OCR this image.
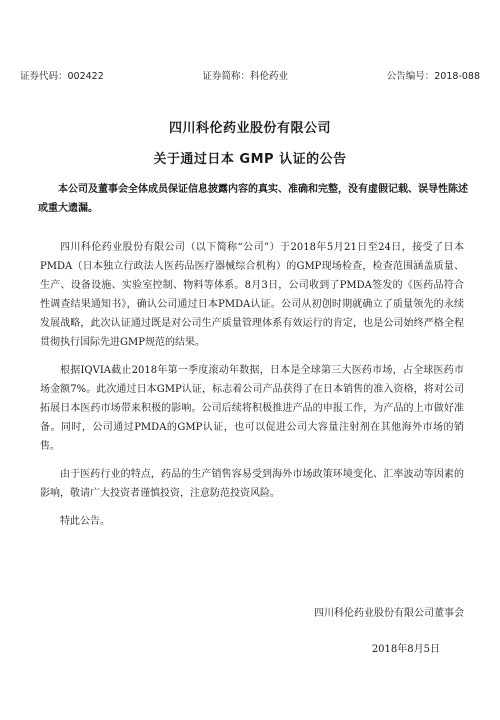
证券代码：002422	证券简称：科伦药业	公告编号：2018-088
四川科伦药业股份有限公司
关于通过日本 GMP 认证的公告
本公司及董事会全体成员保证信息披露内容的真实、准确和完整，没有虚假记载、误导性陈述或重大遗漏。

四川科伦药业股份有限公司（以下简称“公司”）于2018年5月21日至24日，接受了日本PMDA（日本独立行政法人医药品医疗器械综合机构）的GMP现场检查，检查范围涵盖质量、生产、设备设施、实验室控制、物料等体系。8月3日，公司收到了PMDA签发的《医药品符合性调查结果通知书》，确认公司通过日本PMDA认证。公司从初创时期就确立了质量领先的永续发展战略，此次认证通过既是对公司生产质量管理体系有效运行的肯定，也是公司始终严格全程贯彻执行国际先进GMP规范的结果。

根据IQVIA截止2018年第一季度滚动年数据，日本是全球第三大医药市场，占全球医药市场金额7%。此次通过日本GMP认证，标志着公司产品获得了在日本销售的准入资格，将对公司拓展日本医药市场带来积极的影响。公司后续将积极推进产品的申报工作，为产品的上市做好准备。同时，公司通过PMDA的GMP认证，也可以促进公司大容量注射剂在其他海外市场的销售。

由于医药行业的特点，药品的生产销售容易受到海外市场政策环境变化、汇率波动等因素的影响，敬请广大投资者谨慎投资，注意防范投资风险。

特此公告。

四川科伦药业股份有限公司董事会
2018年8月5日
